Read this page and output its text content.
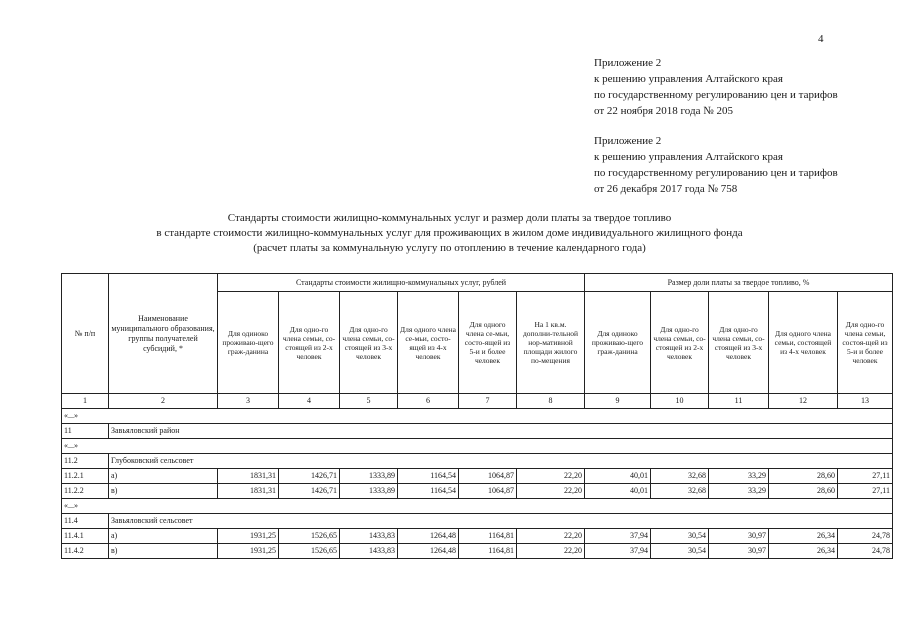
4
Приложение 2
к решению управления Алтайского края
по государственному регулированию цен и тарифов
от 22 ноября 2018 года № 205
Приложение 2
к решению управления Алтайского края
по государственному регулированию цен и тарифов
от 26 декабря 2017 года № 758
Стандарты стоимости жилищно-коммунальных услуг и размер доли платы за твердое топливо
в стандарте стоимости жилищно-коммунальных услуг для проживающих в жилом доме индивидуального жилищного фонда
(расчет платы за коммунальную услугу по отоплению в течение календарного года)
№ п/п	Наименование муниципального образования, группы получателей субсидий, *	Стандарты стоимости жилищно-коммунальных услуг, рублей						Размер доли платы за твердое топливо, %				
		Для одиноко проживаю-щего граж-данина	Для одно-го члена семьи, со-стоящей из 2-х человек	Для одно-го члена семьи, со-стоящей из 3-х человек	Для одного члена се-мьи, состо-ящей из 4-х человек	Для одного члена се-мьи, состо-ящей из 5-и и более человек	На 1 кв.м. дополни-тельной нор-мативной площади жилого по-мещения	Для одиноко проживаю-щего граж-данина	Для одно-го члена семьи, со-стоящей из 2-х человек	Для одно-го члена семьи, со-стоящей из 3-х человек	Для одного члена семьи, состоящей из 4-х человек	Для одно-го члена семьи, состоя-щей из 5-и и более человек
1	2	3	4	5	6	7	8	9	10	11	12	13
«...»												
11	Завьяловский район											
«...»												
11.2	Глубоковский сельсовет											
11.2.1	а)	1831,31	1426,71	1333,89	1164,54	1064,87	22,20	40,01	32,68	33,29	28,60	27,11
11.2.2	в)	1831,31	1426,71	1333,89	1164,54	1064,87	22,20	40,01	32,68	33,29	28,60	27,11
«...»												
11.4	Завьяловский сельсовет											
11.4.1	а)	1931,25	1526,65	1433,83	1264,48	1164,81	22,20	37,94	30,54	30,97	26,34	24,78
11.4.2	в)	1931,25	1526,65	1433,83	1264,48	1164,81	22,20	37,94	30,54	30,97	26,34	24,78
